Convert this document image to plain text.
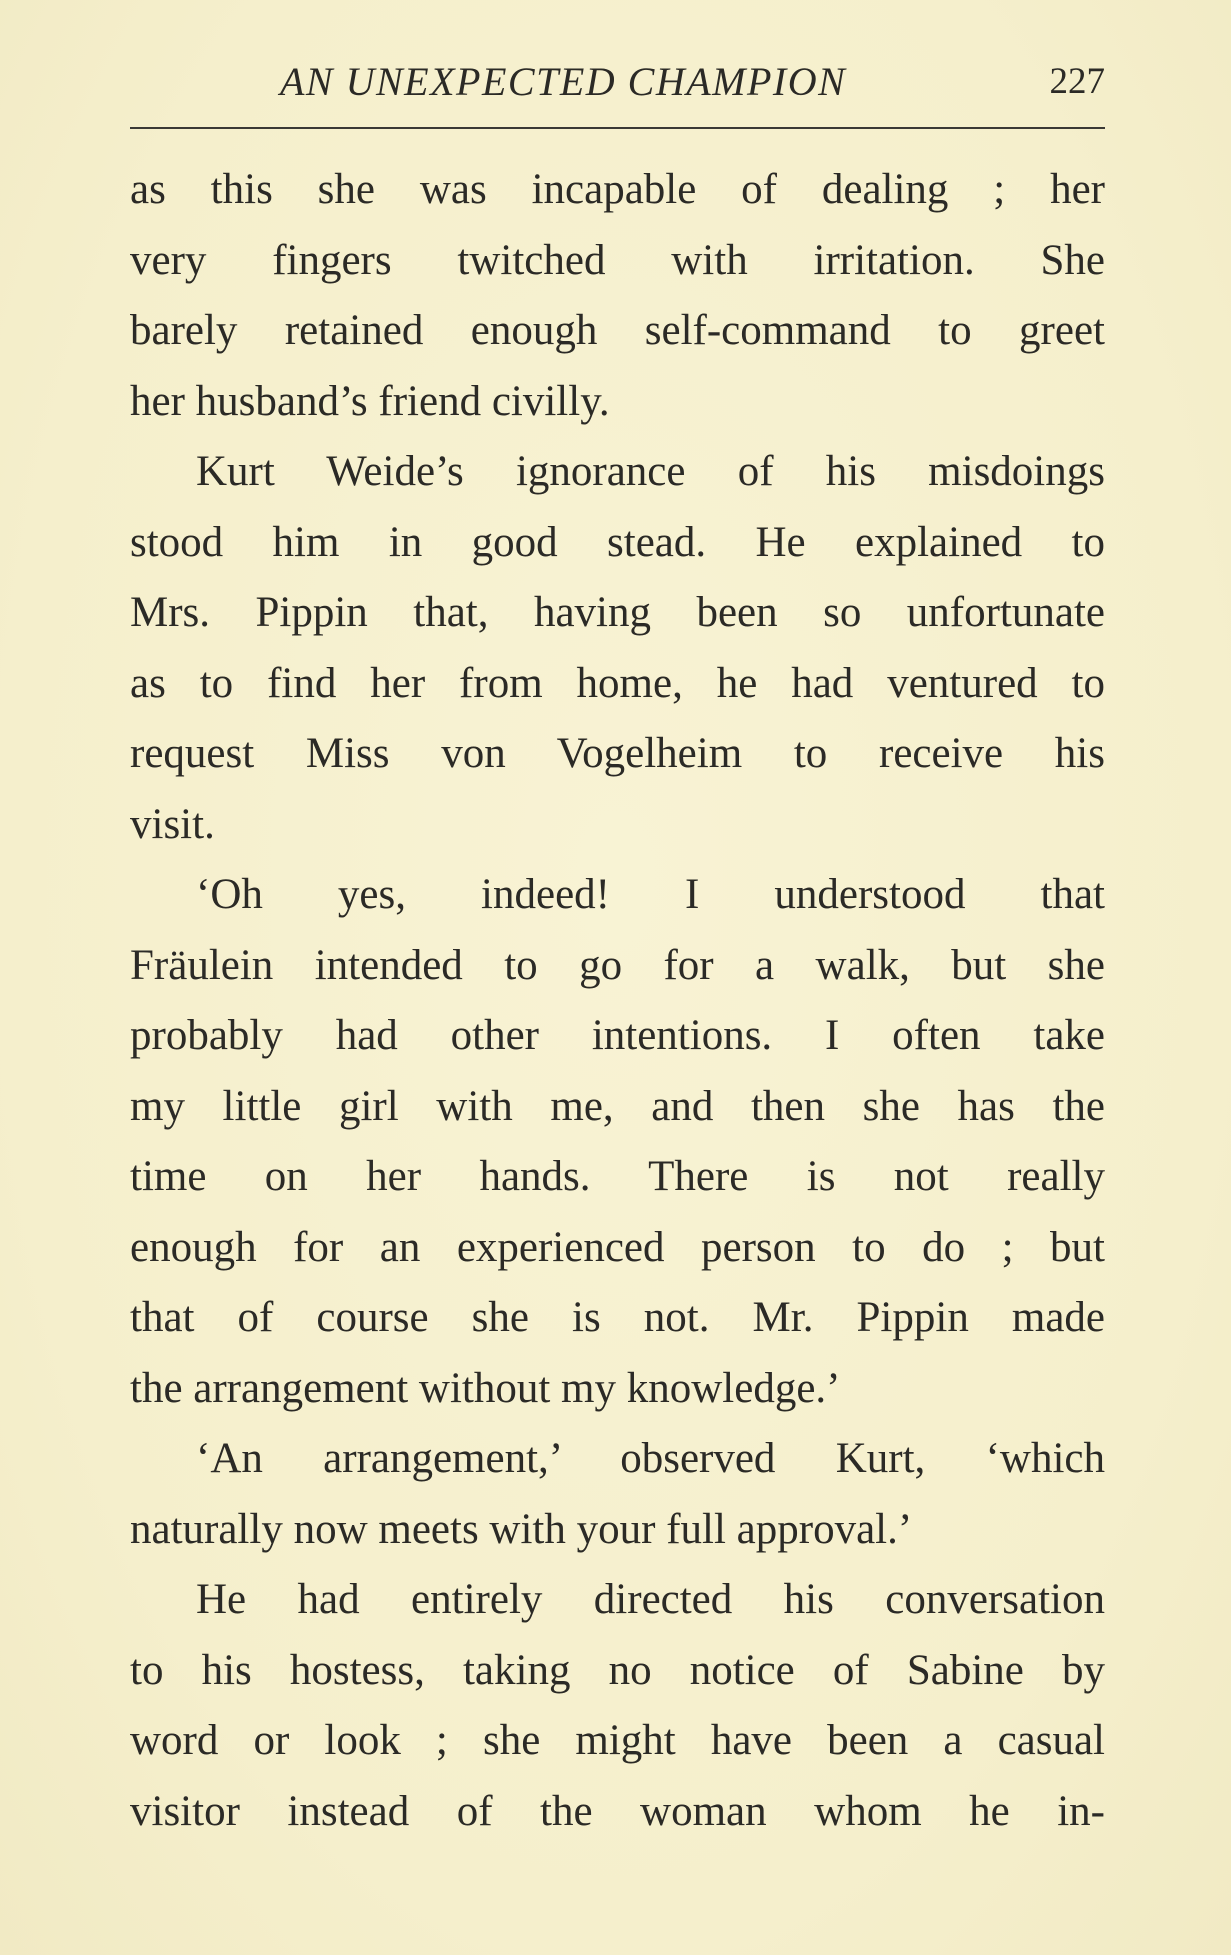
AN UNEXPECTED CHAMPION	227
as this she was incapable of dealing ; her
very fingers twitched with irritation. She
barely retained enough self-command to greet
her husband’s friend civilly.
Kurt Weide’s ignorance of his misdoings
stood him in good stead. He explained to
Mrs. Pippin that, having been so unfortunate
as to find her from home, he had ventured to
request Miss von Vogelheim to receive his
visit.
‘Oh yes, indeed! I understood that
Fräulein intended to go for a walk, but she
probably had other intentions. I often take
my little girl with me, and then she has the
time on her hands. There is not really
enough for an experienced person to do ; but
that of course she is not. Mr. Pippin made
the arrangement without my knowledge.’
‘An arrangement,’ observed Kurt, ‘which
naturally now meets with your full approval.’
He had entirely directed his conversation
to his hostess, taking no notice of Sabine by
word or look ; she might have been a casual
visitor instead of the woman whom he in-
